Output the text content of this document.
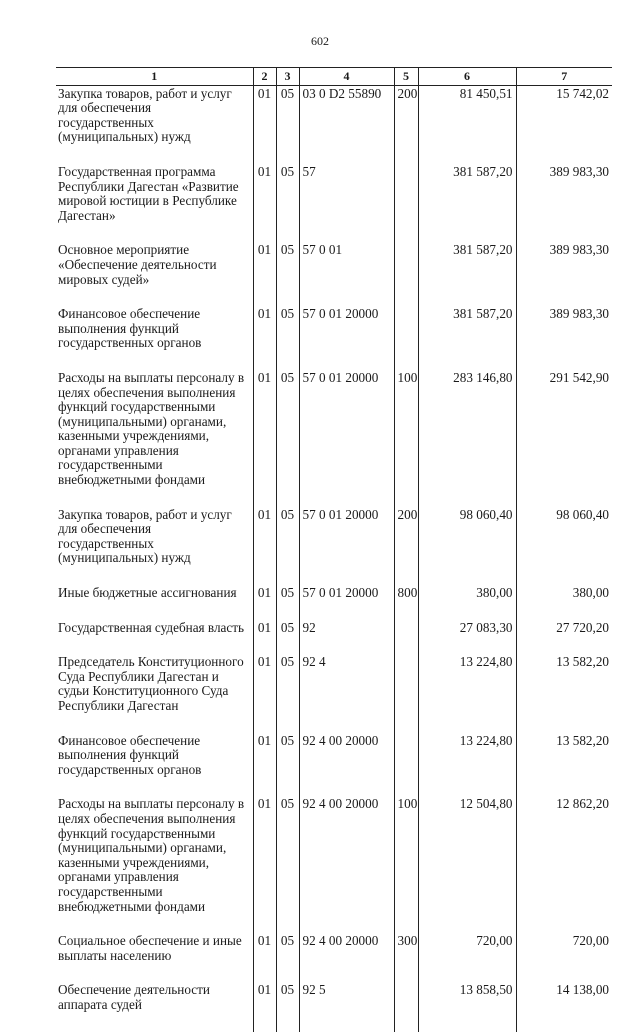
602
1	2	3	4	5	6	7
Закупка товаров, работ и услуг для обеспечения государственных (муниципальных) нужд	01	05	03 0 D2 55890	200	81 450,51	15 742,02
Государственная программа Республики Дагестан «Развитие мировой юстиции в Республике Дагестан»	01	05	57		381 587,20	389 983,30
Основное мероприятие «Обеспечение деятельности мировых судей»	01	05	57 0 01		381 587,20	389 983,30
Финансовое обеспечение выполнения функций государственных органов	01	05	57 0 01 20000		381 587,20	389 983,30
Расходы на выплаты персоналу в целях обеспечения выполнения функций государственными (муниципальными) органами, казенными учреждениями, органами управления государственными внебюджетными фондами	01	05	57 0 01 20000	100	283 146,80	291 542,90
Закупка товаров, работ и услуг для обеспечения государственных (муниципальных) нужд	01	05	57 0 01 20000	200	98 060,40	98 060,40
Иные бюджетные ассигнования	01	05	57 0 01 20000	800	380,00	380,00
Государственная судебная власть	01	05	92		27 083,30	27 720,20
Председатель Конституционного Суда Республики Дагестан и судьи Конституционного Суда Республики Дагестан	01	05	92 4		13 224,80	13 582,20
Финансовое обеспечение выполнения функций государственных органов	01	05	92 4 00 20000		13 224,80	13 582,20
Расходы на выплаты персоналу в целях обеспечения выполнения функций государственными (муниципальными) органами, казенными учреждениями, органами управления государственными внебюджетными фондами	01	05	92 4 00 20000	100	12 504,80	12 862,20
Социальное обеспечение и иные выплаты населению	01	05	92 4 00 20000	300	720,00	720,00
Обеспечение деятельности аппарата судей	01	05	92 5		13 858,50	14 138,00
